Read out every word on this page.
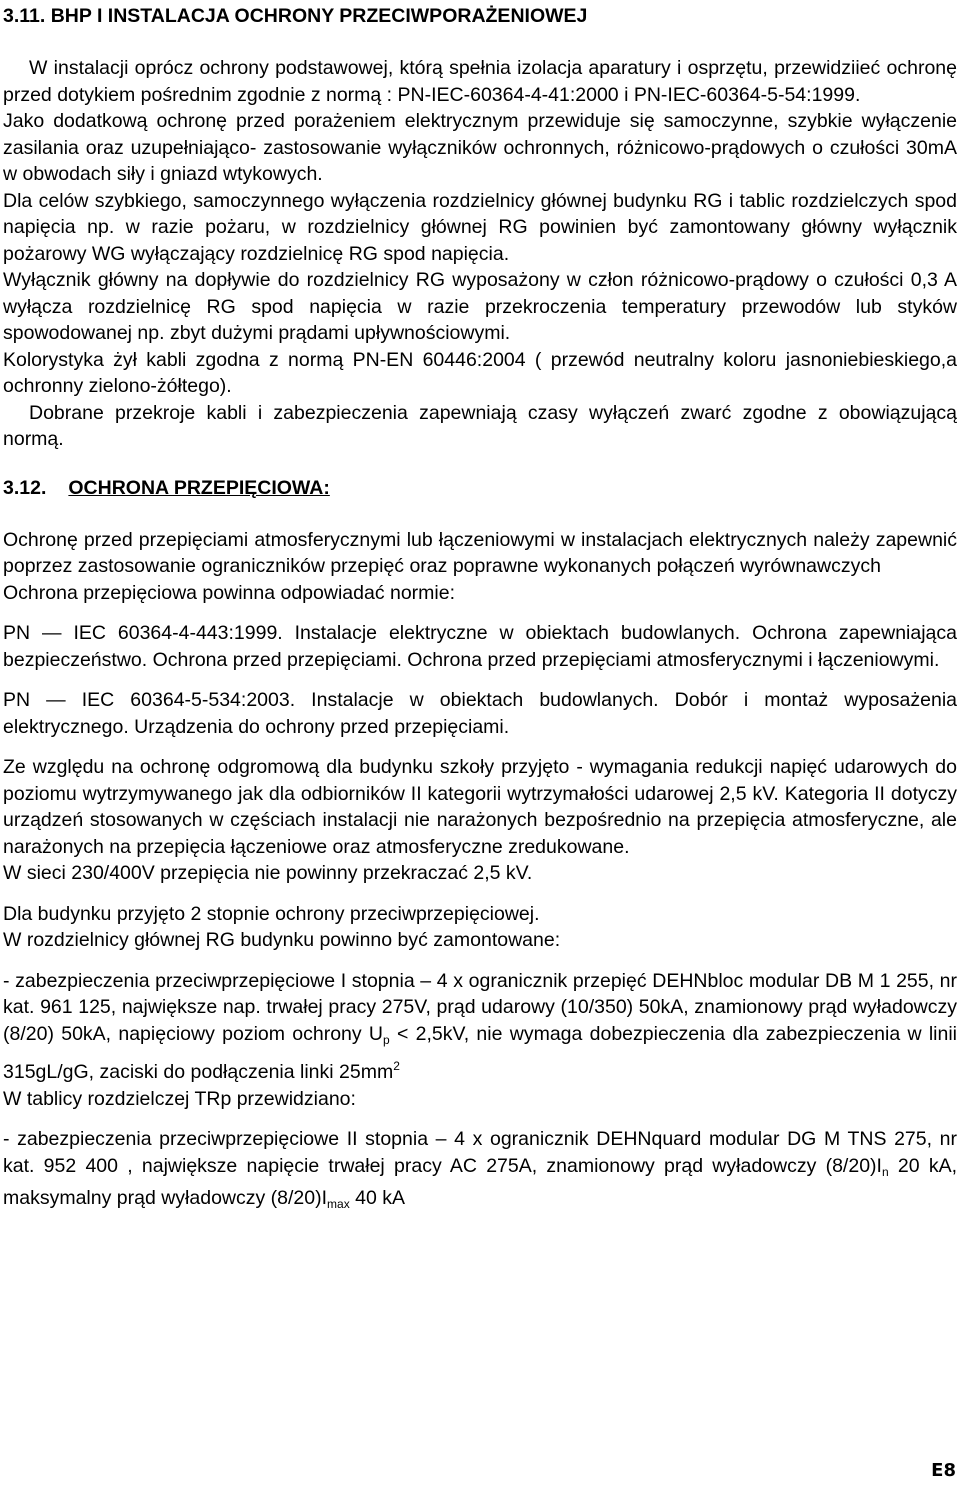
3.11. BHP I INSTALACJA OCHRONY PRZECIWPORAŻENIOWEJ

W instalacji oprócz ochrony podstawowej, którą spełnia izolacja aparatury i osprzętu, przewidziieć ochronę przed dotykiem pośrednim zgodnie z normą : PN-IEC-60364-4-41:2000 i PN-IEC-60364-5-54:1999.

Jako dodatkową ochronę przed porażeniem elektrycznym przewiduje się samoczynne, szybkie wyłączenie zasilania oraz uzupełniająco- zastosowanie wyłączników ochronnych, różnicowo-prądowych o czułości 30mA w obwodach siły i gniazd wtykowych.

Dla celów szybkiego, samoczynnego wyłączenia rozdzielnicy głównej budynku RG i tablic rozdzielczych spod napięcia np. w razie pożaru, w rozdzielnicy głównej RG powinien być zamontowany główny wyłącznik pożarowy WG wyłączający rozdzielnicę RG spod napięcia.

Wyłącznik główny na dopływie do rozdzielnicy RG wyposażony w człon różnicowo-prądowy o czułości 0,3 A wyłącza rozdzielnicę RG spod napięcia w razie przekroczenia temperatury przewodów lub styków spowodowanej np. zbyt dużymi prądami upływnościowymi.

Kolorystyka żył kabli zgodna z normą PN-EN 60446:2004 ( przewód neutralny koloru jasnoniebieskiego,a ochronny zielono-żółtego).

Dobrane przekroje kabli i zabezpieczenia zapewniają czasy wyłączeń zwarć zgodne z obowiązującą normą.

3.12. OCHRONA PRZEPIĘCIOWA:

Ochronę przed przepięciami atmosferycznymi lub łączeniowymi w instalacjach elektrycznych należy zapewnić poprzez zastosowanie ograniczników przepięć oraz poprawne wykonanych połączeń wyrównawczych

Ochrona przepięciowa powinna odpowiadać normie:

PN — IEC 60364-4-443:1999. Instalacje elektryczne w obiektach budowlanych. Ochrona zapewniająca bezpieczeństwo. Ochrona przed przepięciami. Ochrona przed przepięciami atmosferycznymi i łączeniowymi.

PN — IEC 60364-5-534:2003. Instalacje w obiektach budowlanych. Dobór i montaż wyposażenia elektrycznego. Urządzenia do ochrony przed przepięciami.

Ze względu na ochronę odgromową dla budynku szkoły przyjęto - wymagania redukcji napięć udarowych do poziomu wytrzymywanego jak dla odbiorników II kategorii wytrzymałości udarowej 2,5 kV. Kategoria II dotyczy urządzeń stosowanych w częściach instalacji nie narażonych bezpośrednio na przepięcia atmosferyczne, ale narażonych na przepięcia łączeniowe oraz atmosferyczne zredukowane.

W sieci 230/400V przepięcia nie powinny przekraczać 2,5 kV.

Dla budynku przyjęto 2 stopnie ochrony przeciwprzepięciowej.

W rozdzielnicy głównej RG budynku powinno być zamontowane:

- zabezpieczenia przeciwprzepięciowe I stopnia – 4 x ogranicznik przepięć DEHNbloc modular DB M 1 255, nr kat. 961 125, największe nap. trwałej pracy 275V, prąd udarowy (10/350) 50kA, znamionowy prąd wyładowczy (8/20) 50kA, napięciowy poziom ochrony $U_p < 2,5kV$, nie wymaga dobezpieczenia dla zabezpieczenia w linii 315gL/gG, zaciski do podłączenia linki $25mm^2$

W tablicy rozdzielczej TRp przewidziano:

- zabezpieczenia przeciwprzepięciowe II stopnia – 4 x ogranicznik DEHNquard modular DG M TNS 275, nr kat. 952 400 , największe napięcie trwałej pracy AC 275A, znamionowy prąd wyładowczy $(8/20)I_n$ 20 kA, maksymalny prąd wyładowczy $(8/20)I_{max}$ 40 kA

E8
